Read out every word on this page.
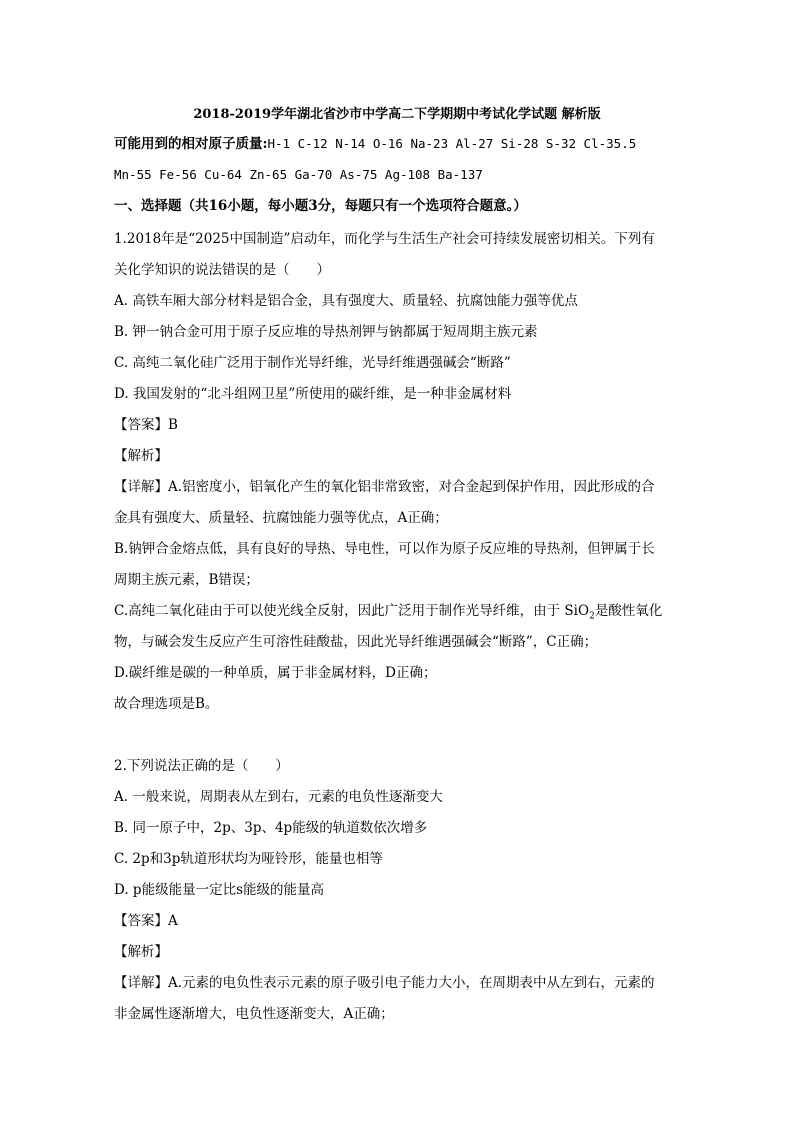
2018-2019学年湖北省沙市中学高二下学期期中考试化学试题 解析版
可能用到的相对原子质量:H-1 C-12 N-14 O-16 Na-23 Al-27 Si-28 S-32 Cl-35.5
Mn-55 Fe-56 Cu-64 Zn-65 Ga-70 As-75 Ag-108 Ba-137
一、选择题（共16小题，每小题3分，每题只有一个选项符合题意。）
1.2018年是“2025中国制造”启动年，而化学与生活生产社会可持续发展密切相关。下列有
关化学知识的说法错误的是（　　）
A. 高铁车厢大部分材料是铝合金，具有强度大、质量轻、抗腐蚀能力强等优点
B. 钾一钠合金可用于原子反应堆的导热剂钾与钠都属于短周期主族元素
C. 高纯二氧化硅广泛用于制作光导纤维，光导纤维遇强碱会“断路”
D. 我国发射的“北斗组网卫星”所使用的碳纤维，是一种非金属材料
【答案】B
【解析】
【详解】A.铝密度小，铝氧化产生的氧化铝非常致密，对合金起到保护作用，因此形成的合
金具有强度大、质量轻、抗腐蚀能力强等优点，A正确；
B.钠钾合金熔点低，具有良好的导热、导电性，可以作为原子反应堆的导热剂，但钾属于长
周期主族元素，B错误；
C.高纯二氧化硅由于可以使光线全反射，因此广泛用于制作光导纤维，由于 SiO$_2$是酸性氧化
物，与碱会发生反应产生可溶性硅酸盐，因此光导纤维遇强碱会“断路”，C正确；
D.碳纤维是碳的一种单质，属于非金属材料，D正确；
故合理选项是B。
2.下列说法正确的是（　　）
A. 一般来说，周期表从左到右，元素的电负性逐渐变大
B. 同一原子中，2p、3p、4p能级的轨道数依次增多
C. 2p和3p轨道形状均为哑铃形，能量也相等
D. p能级能量一定比s能级的能量高
【答案】A
【解析】
【详解】A.元素的电负性表示元素的原子吸引电子能力大小，在周期表中从左到右，元素的
非金属性逐渐增大，电负性逐渐变大，A正确；
